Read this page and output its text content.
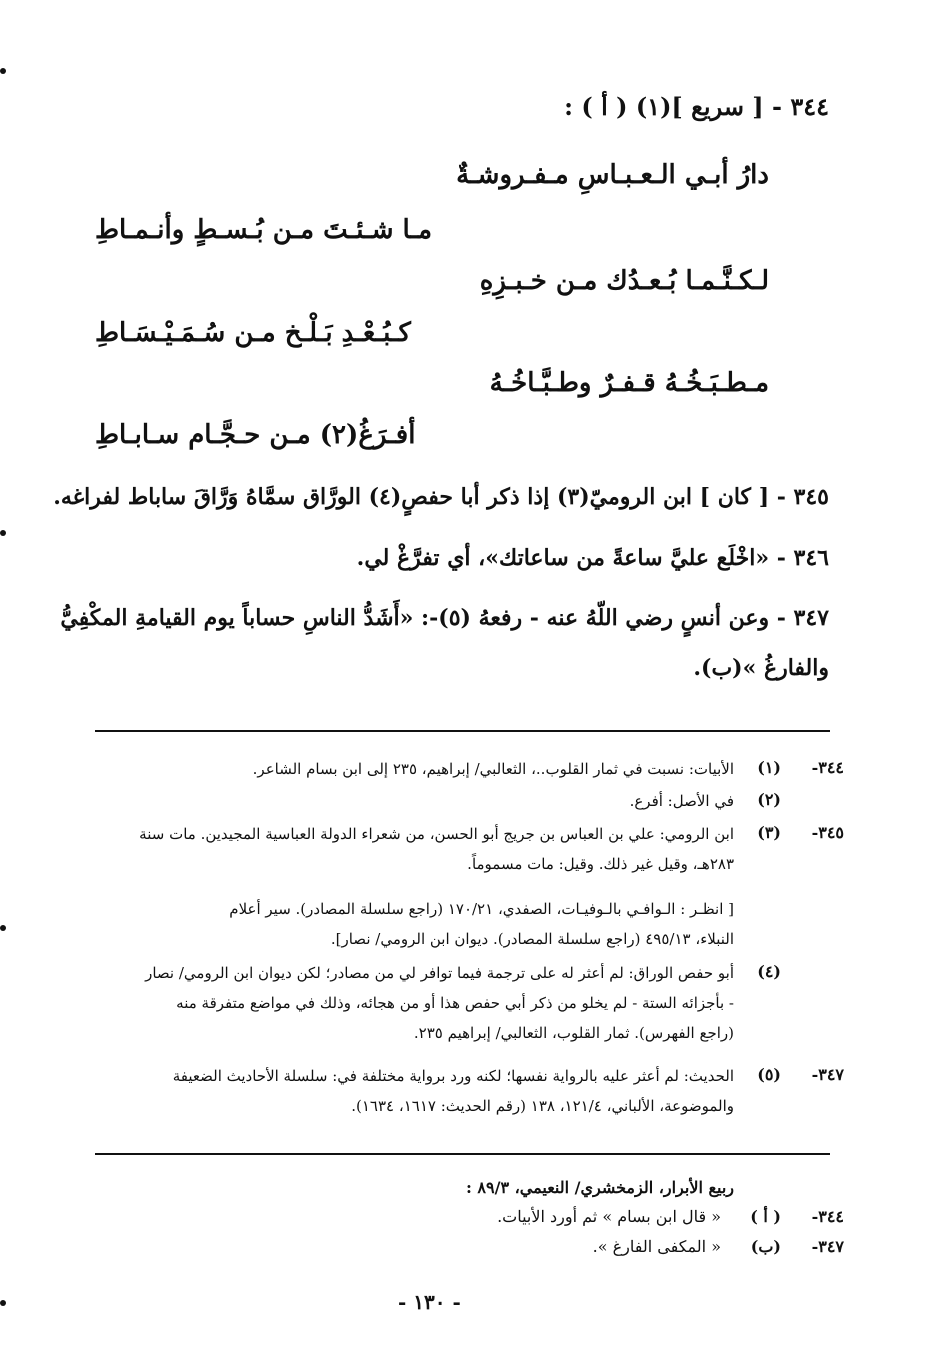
٣٤٤ - [ سريع ](١) ( أ ) :
دارُ أبـي الـعـبـاسِ مـفـروشـةٌ
مـا شـئـتَ مـن بُـسـطٍ وأنـمـاطِ
لـكـنَّـمـا بُـعـدُك مـن خـبـزِهِ
كـبُـعْـدِ بَـلْـخ مـن سُـمَـيْـسَـاطِ
مـطـبَـخُـهُ قـفـرٌ وطـبَّـاخُـهُ
أفـرَغُ(٢) مـن حـجَّـام سـابـاطِ
٣٤٥ - [ كان ] ابن الروميّ(٣) إذا ذكر أبا حفصٍ(٤) الورَّاق سمَّاهُ وَرَّاقَ ساباط لفراغه.
٣٤٦ - «اخْلَع عليَّ ساعةً من ساعاتك»، أي تفرَّغْ لي.
٣٤٧ - وعن أنسٍ رضي اللّهُ عنه - رفعهُ (٥)-: «أَشَدُّ الناسِ حساباً يوم القيامةِ المكْفِيُّ
والفارغُ »(ب).
٣٤٤-
(١)
الأبيات: نسبت في ثمار القلوب..، الثعالبي/ إبراهيم، ٢٣٥ إلى ابن بسام الشاعر.
(٢)
في الأصل: أفرع.
٣٤٥-
(٣)
ابن الرومي: علي بن العباس بن جريج أبو الحسن، من شعراء الدولة العباسية المجيدين. مات سنة
٢٨٣هـ، وقيل غير ذلك. وقيل: مات مسموماً.
[ انظـر : الـوافـي بالـوفيـات، الصفدي، ١٧٠/٢١ (راجع سلسلة المصادر). سير أعلام
النبلاء، ٤٩٥/١٣ (راجع سلسلة المصادر). ديوان ابن الرومي/ نصار].
(٤)
أبو حفص الوراق: لم أعثر له على ترجمة فيما توافر لي من مصادر؛ لكن ديوان ابن الرومي/ نصار
- بأجزائه الستة - لم يخلو من ذكر أبي حفص هذا أو من هجائه، وذلك في مواضع متفرقة منه
(راجع الفهرس). ثمار القلوب، الثعالبي/ إبراهيم ٢٣٥.
٣٤٧-
(٥)
الحديث: لم أعثر عليه بالرواية نفسها؛ لكنه ورد برواية مختلفة في: سلسلة الأحاديث الضعيفة
والموضوعة، الألباني، ١٢١/٤، ١٣٨ (رقم الحديث: ١٦١٧، ١٦٣٤).
ربيع الأبرار، الزمخشري/ النعيمي، ٨٩/٣ :
٣٤٤-
( أ )
« قال ابن بسام » ثم أورد الأبيات.
٣٤٧-
(ب)
« المكفى الفارغ ».
- ١٣٠ -
